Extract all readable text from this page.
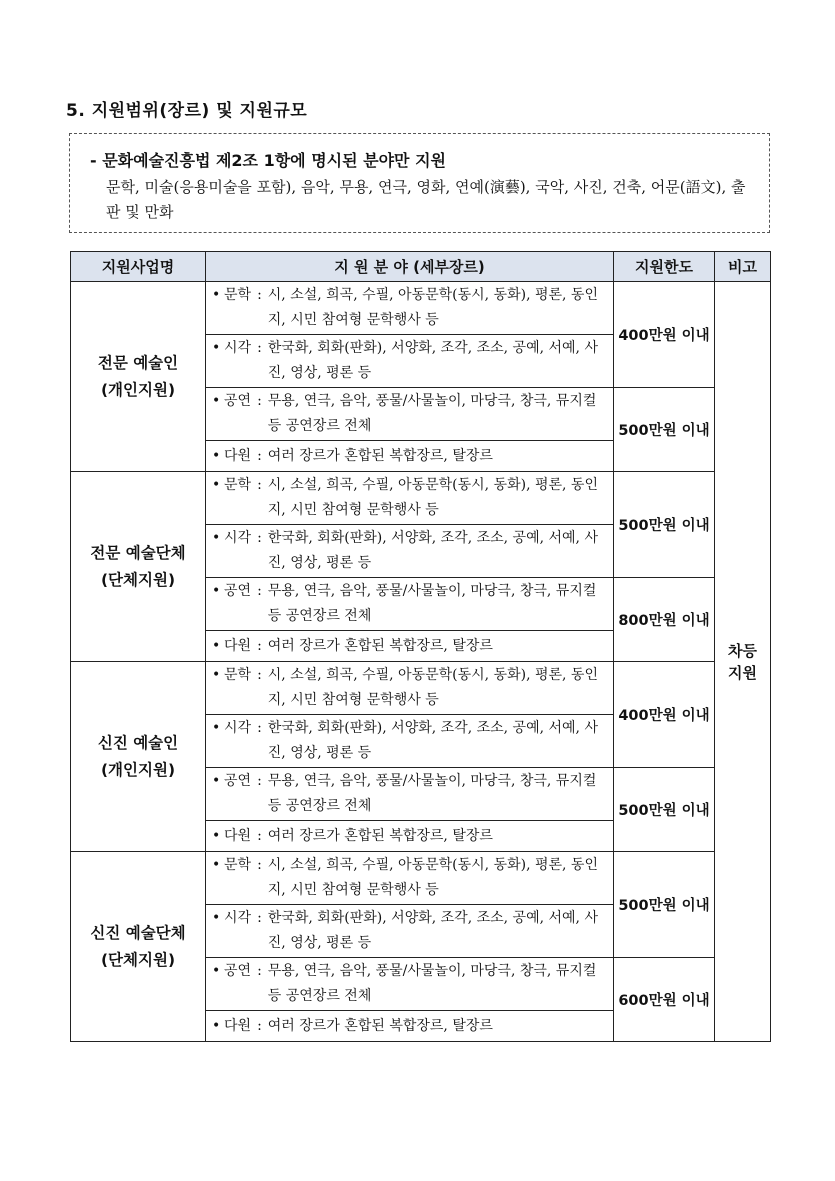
5. 지원범위(장르) 및 지원규모
- 문화예술진흥법 제2조 1항에 명시된 분야만 지원
문학, 미술(응용미술을 포함), 음악, 무용, 연극, 영화, 연예(演藝), 국악, 사진, 건축, 어문(語文), 출판 및 만화
지원사업명	지 원 분 야 (세부장르)	지원한도	비고

전문 예술인
(개인지원)	• 문학 : 시, 소설, 희곡, 수필, 아동문학(동시, 동화), 평론, 동인지, 시민 참여형 문학행사 등	400만원 이내	차등
지원

	• 시각 : 한국화, 회화(판화), 서양화, 조각, 조소, 공예, 서예, 사진, 영상, 평론 등		

	• 공연 : 무용, 연극, 음악, 풍물/사물놀이, 마당극, 창극, 뮤지컬 등 공연장르 전체	500만원 이내	

	• 다원 : 여러 장르가 혼합된 복합장르, 탈장르		

전문 예술단체
(단체지원)	• 문학 : 시, 소설, 희곡, 수필, 아동문학(동시, 동화), 평론, 동인지, 시민 참여형 문학행사 등	500만원 이내	

	• 시각 : 한국화, 회화(판화), 서양화, 조각, 조소, 공예, 서예, 사진, 영상, 평론 등		

	• 공연 : 무용, 연극, 음악, 풍물/사물놀이, 마당극, 창극, 뮤지컬 등 공연장르 전체	800만원 이내	

	• 다원 : 여러 장르가 혼합된 복합장르, 탈장르		

신진 예술인
(개인지원)	• 문학 : 시, 소설, 희곡, 수필, 아동문학(동시, 동화), 평론, 동인지, 시민 참여형 문학행사 등	400만원 이내	

	• 시각 : 한국화, 회화(판화), 서양화, 조각, 조소, 공예, 서예, 사진, 영상, 평론 등		

	• 공연 : 무용, 연극, 음악, 풍물/사물놀이, 마당극, 창극, 뮤지컬 등 공연장르 전체	500만원 이내	

	• 다원 : 여러 장르가 혼합된 복합장르, 탈장르		

신진 예술단체
(단체지원)	• 문학 : 시, 소설, 희곡, 수필, 아동문학(동시, 동화), 평론, 동인지, 시민 참여형 문학행사 등	500만원 이내	

	• 시각 : 한국화, 회화(판화), 서양화, 조각, 조소, 공예, 서예, 사진, 영상, 평론 등		

	• 공연 : 무용, 연극, 음악, 풍물/사물놀이, 마당극, 창극, 뮤지컬 등 공연장르 전체	600만원 이내	

	• 다원 : 여러 장르가 혼합된 복합장르, 탈장르		
